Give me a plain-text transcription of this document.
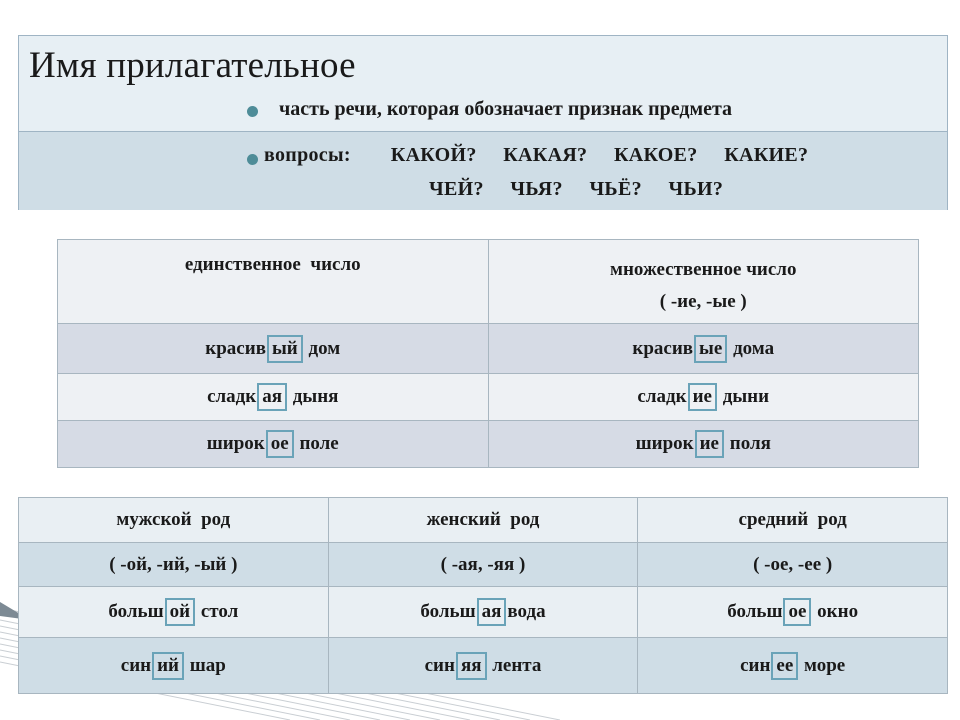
Имя прилагательное
часть речи, которая обозначает признак предмета
вопросы:   КАКОЙ?  КАКАЯ?  КАКОЕ?  КАКИЕ?
ЧЕЙ?  ЧЬЯ?  ЧЬЁ?  ЧЬИ?
единственное  число	множественное число
( -ие, -ые )

красив ый дом	красив ые дома
сладк ая дыня	сладк ие дыни
широк ое поле	широк ие поля
мужской  род	женский  род	средний  род
( -ой, -ий, -ый )	( -ая, -яя )	( -ое, -ее )
больш ой стол	больш ая вода	больш ое окно
син ий шар	син яя лента	син ее море
